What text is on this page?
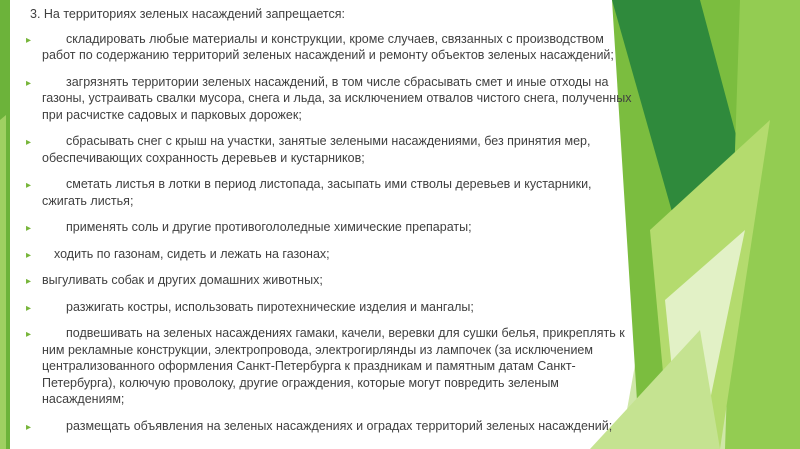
3. На территориях зеленых насаждений запрещается:
▸	складировать любые материалы и конструкции, кроме случаев, связанных с производством работ по содержанию территорий зеленых насаждений и ремонту объектов зеленых насаждений;
▸	загрязнять территории зеленых насаждений, в том числе сбрасывать смет и иные отходы на газоны, устраивать свалки мусора, снега и льда, за исключением отвалов чистого снега, полученных при расчистке садовых и парковых дорожек;
▸	сбрасывать снег с крыш на участки, занятые зелеными насаждениями, без принятия мер, обеспечивающих сохранность деревьев и кустарников;
▸	сметать листья в лотки в период листопада, засыпать ими стволы деревьев и кустарники, сжигать листья;
▸	применять соль и другие противогололедные химические препараты;
▸	ходить по газонам, сидеть и лежать на газонах;
▸ выгуливать собак и других домашних животных;
▸	разжигать костры, использовать пиротехнические изделия и мангалы;
▸	подвешивать на зеленых насаждениях гамаки, качели, веревки для сушки белья, прикреплять к ним рекламные конструкции, электропровода, электрогирлянды из лампочек (за исключением централизованного оформления Санкт-Петербурга к праздникам и памятным датам Санкт-Петербурга), колючую проволоку, другие ограждения, которые могут повредить зеленым насаждениям;
▸	размещать объявления на зеленых насаждениях и оградах территорий зеленых насаждений;
